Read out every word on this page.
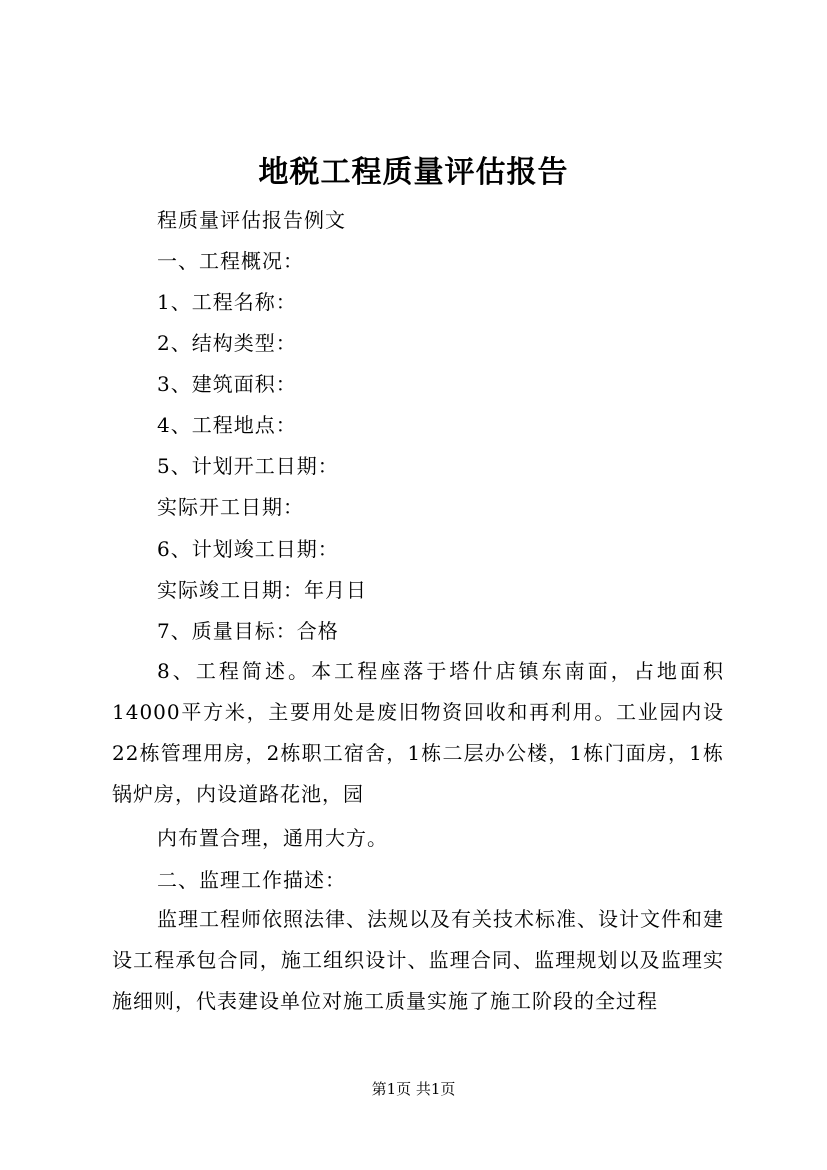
地税工程质量评估报告
程质量评估报告例文
一、工程概况：
1、工程名称：
2、结构类型：
3、建筑面积：
4、工程地点：
5、计划开工日期：
实际开工日期：
6、计划竣工日期：
实际竣工日期：年月日
7、质量目标：合格
8、工程简述。本工程座落于塔什店镇东南面，占地面积14000平方米，主要用处是废旧物资回收和再利用。工业园内设22栋管理用房，2栋职工宿舍，1栋二层办公楼，1栋门面房，1栋锅炉房，内设道路花池，园
内布置合理，通用大方。
二、监理工作描述：
监理工程师依照法律、法规以及有关技术标准、设计文件和建设工程承包合同，施工组织设计、监理合同、监理规划以及监理实施细则，代表建设单位对施工质量实施了施工阶段的全过程
第1页 共1页
